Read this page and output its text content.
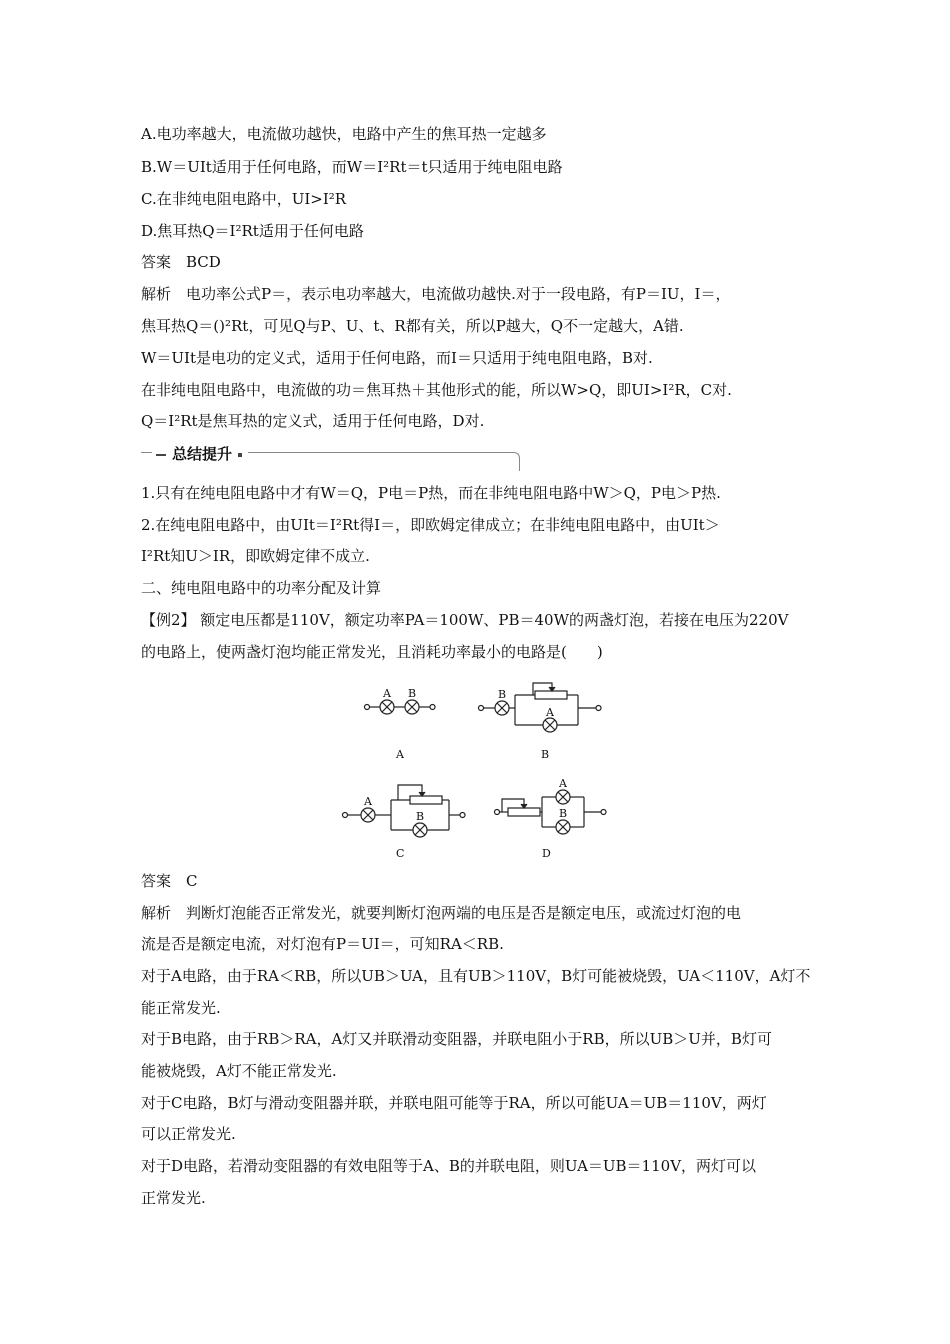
A.电功率越大，电流做功越快，电路中产生的焦耳热一定越多
B.W＝UIt适用于任何电路，而W＝I²Rt＝t只适用于纯电阻电路
C.在非纯电阻电路中，UI>I²R
D.焦耳热Q＝I²Rt适用于任何电路
答案　BCD
解析　电功率公式P＝，表示电功率越大，电流做功越快.对于一段电路，有P＝IU，I＝，
焦耳热Q＝()²Rt，可见Q与P、U、t、R都有关，所以P越大，Q不一定越大，A错.
W＝UIt是电功的定义式，适用于任何电路，而I＝只适用于纯电阻电路，B对.
在非纯电阻电路中，电流做的功＝焦耳热＋其他形式的能，所以W>Q，即UI>I²R，C对.
Q＝I²Rt是焦耳热的定义式，适用于任何电路，D对.
总结提升
1.只有在纯电阻电路中才有W＝Q，P电＝P热，而在非纯电阻电路中W＞Q，P电＞P热.
2.在纯电阻电路中，由UIt＝I²Rt得I＝，即欧姆定律成立；在非纯电阻电路中，由UIt＞
I²Rt知U＞IR，即欧姆定律不成立.
二、纯电阻电路中的功率分配及计算
【例2】 额定电压都是110V，额定功率PA＝100W、PB＝40W的两盏灯泡，若接在电压为220V
的电路上，使两盏灯泡均能正常发光，且消耗功率最小的电路是(　　)
A B
A
B
A
B
A
B
C
A
B
D
答案　C
解析　判断灯泡能否正常发光，就要判断灯泡两端的电压是否是额定电压，或流过灯泡的电
流是否是额定电流，对灯泡有P＝UI＝，可知RA＜RB.
对于A电路，由于RA＜RB，所以UB＞UA，且有UB＞110V，B灯可能被烧毁，UA＜110V，A灯不
能正常发光.
对于B电路，由于RB＞RA，A灯又并联滑动变阻器，并联电阻小于RB，所以UB＞U并，B灯可
能被烧毁，A灯不能正常发光.
对于C电路，B灯与滑动变阻器并联，并联电阻可能等于RA，所以可能UA＝UB＝110V，两灯
可以正常发光.
对于D电路，若滑动变阻器的有效电阻等于A、B的并联电阻，则UA＝UB＝110V，两灯可以
正常发光.
